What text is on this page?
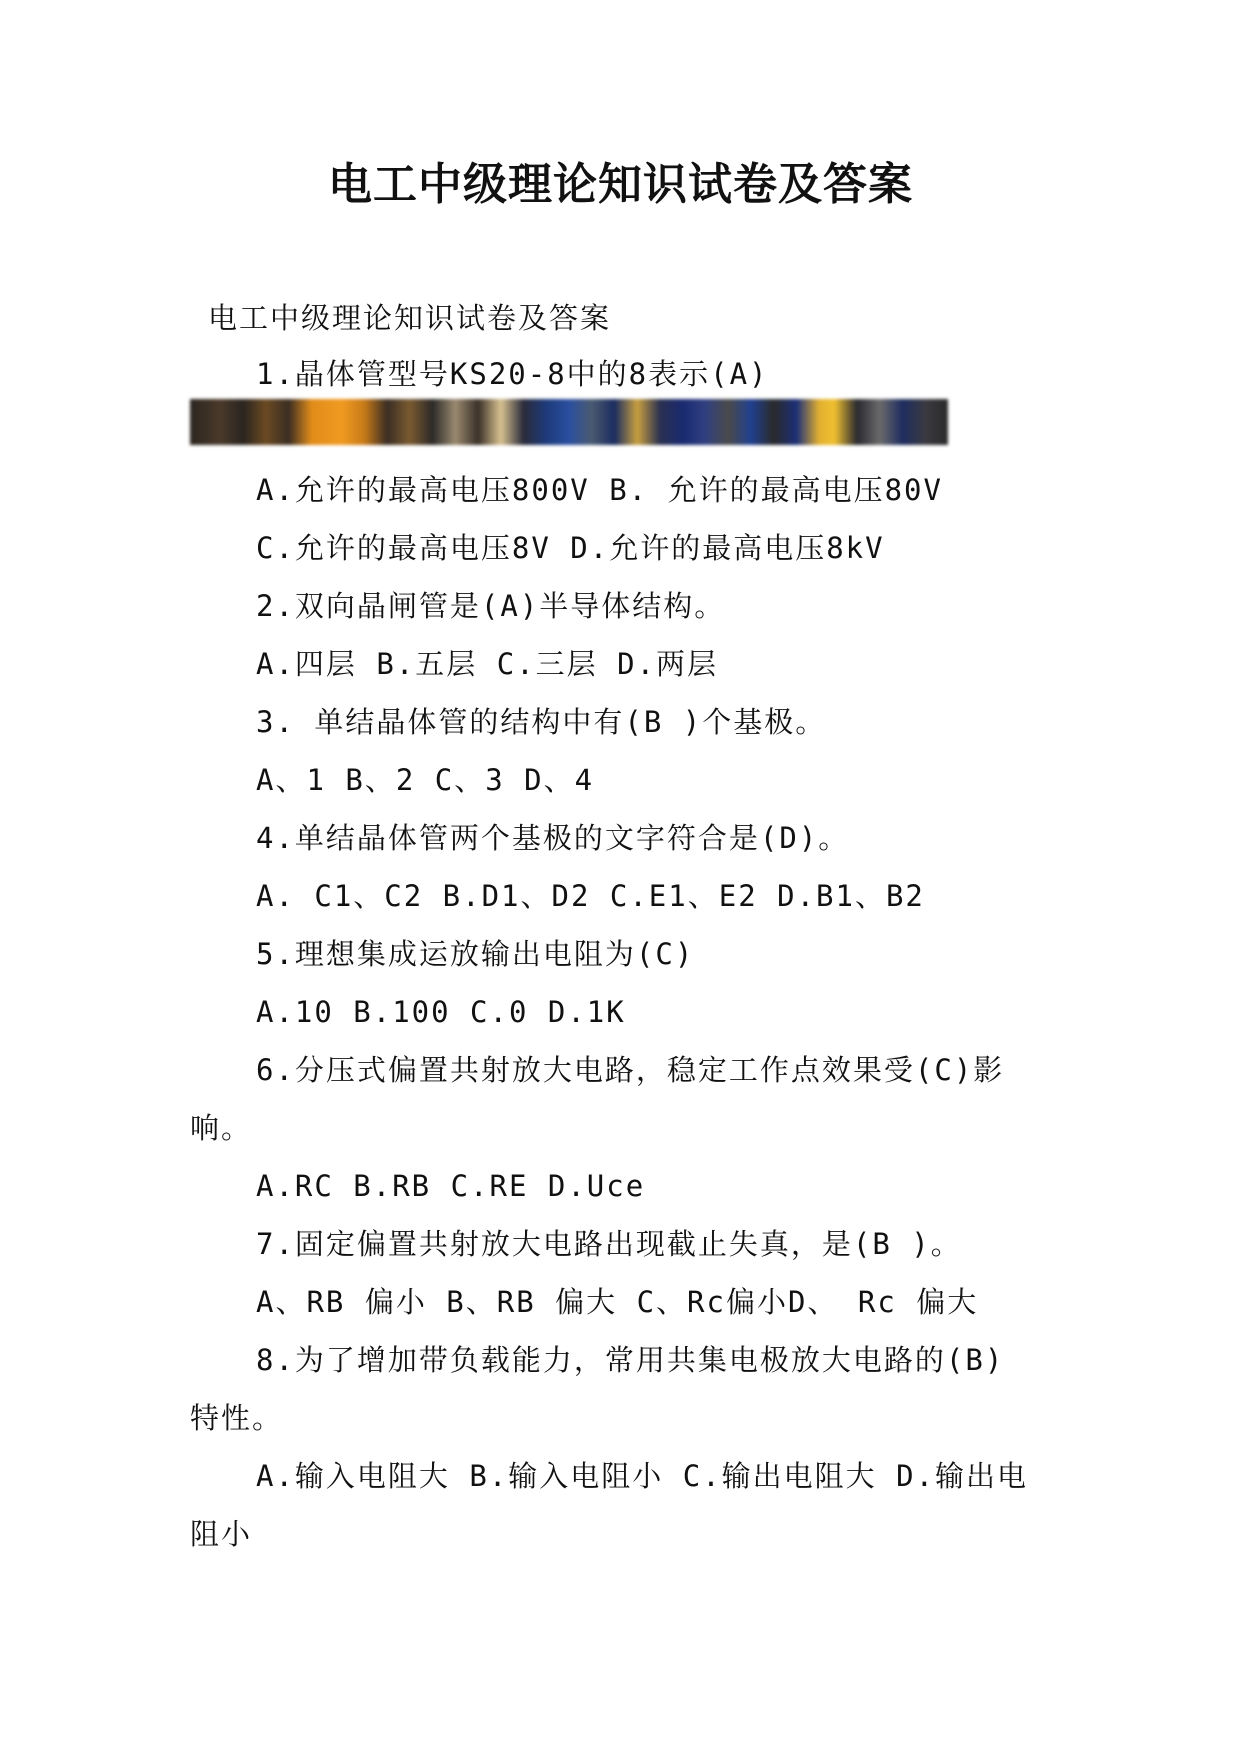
电工中级理论知识试卷及答案

电工中级理论知识试卷及答案

1.晶体管型号KS20-8中的8表示(A)

A.允许的最高电压800V B. 允许的最高电压80V

C.允许的最高电压8V D.允许的最高电压8kV

2.双向晶闸管是(A)半导体结构。

A.四层 B.五层 C.三层 D.两层

3. 单结晶体管的结构中有(B )个基极。

A、1 B、2 C、3 D、4

4.单结晶体管两个基极的文字符合是(D)。

A. C1、C2 B.D1、D2 C.E1、E2 D.B1、B2

5.理想集成运放输出电阻为(C)

A.10 B.100 C.0 D.1K

6.分压式偏置共射放大电路，稳定工作点效果受(C)影

响。

A.RC B.RB C.RE D.Uce

7.固定偏置共射放大电路出现截止失真，是(B )。

A、RB 偏小 B、RB 偏大 C、Rc偏小D、 Rc 偏大

8.为了增加带负载能力，常用共集电极放大电路的(B)

特性。

A.输入电阻大 B.输入电阻小 C.输出电阻大 D.输出电

阻小
